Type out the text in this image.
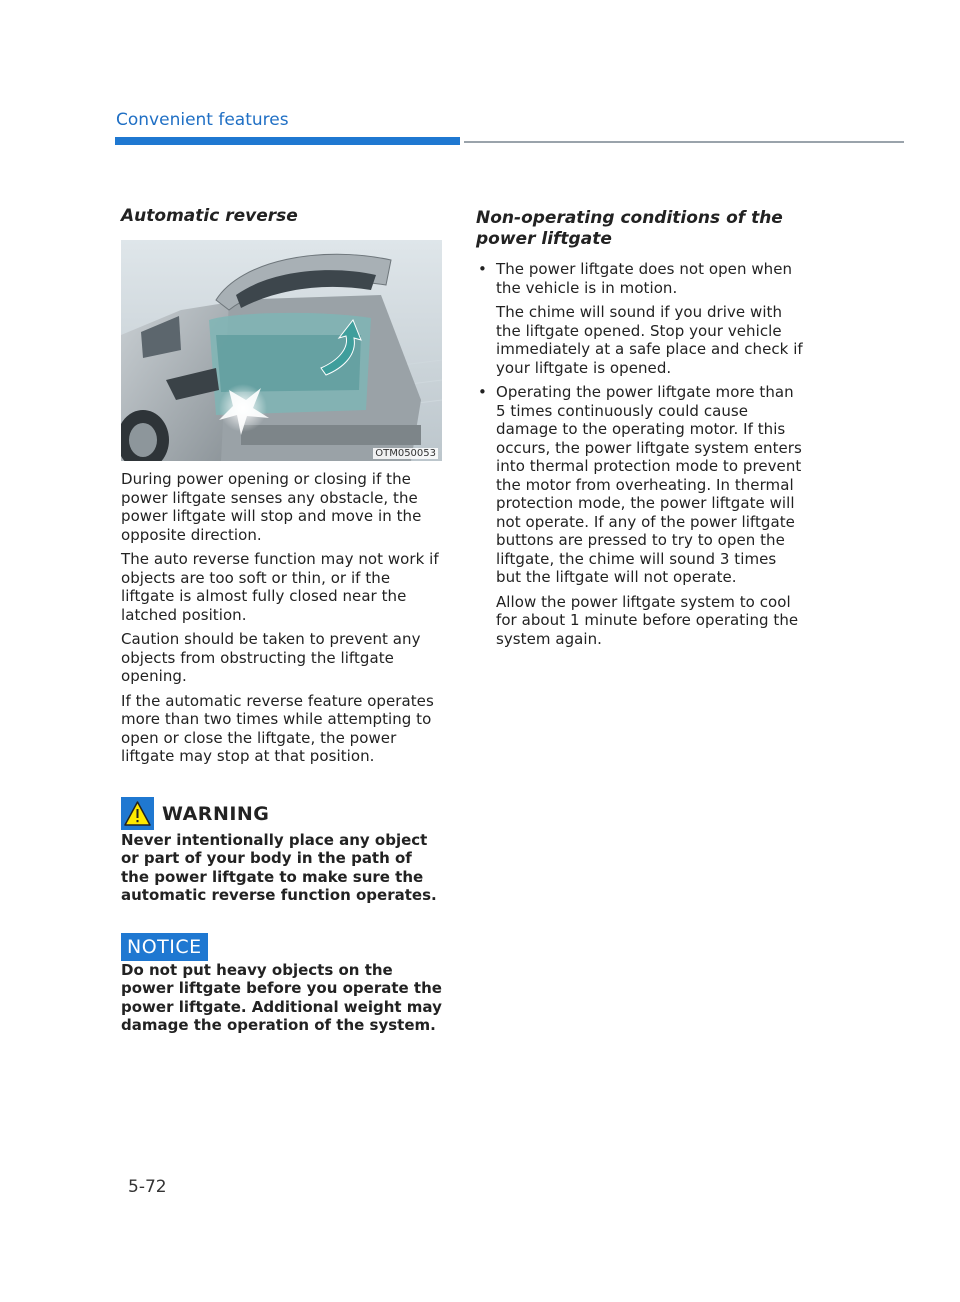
Convenient features
Automatic reverse
OTM050053

During power opening or closing if the power liftgate senses any obstacle, the power liftgate will stop and move in the opposite direction.

The auto reverse function may not work if objects are too soft or thin, or if the liftgate is almost fully closed near the latched position.

Caution should be taken to prevent any objects from obstructing the liftgate opening.

If the automatic reverse feature operates more than two times while attempting to open or close the liftgate, the power liftgate may stop at that position.

WARNING

Never intentionally place any object or part of your body in the path of the power liftgate to make sure the automatic reverse function operates.

NOTICE

Do not put heavy objects on the power liftgate before you operate the power liftgate. Additional weight may damage the operation of the system.

Non-operating conditions of the power liftgate
• The power liftgate does not open when the vehicle is in motion.

The chime will sound if you drive with the liftgate opened. Stop your vehicle immediately at a safe place and check if your liftgate is opened.

• Operating the power liftgate more than 5 times continuously could cause damage to the operating motor. If this occurs, the power liftgate system enters into thermal protection mode to prevent the motor from overheating. In thermal protection mode, the power liftgate will not operate. If any of the power liftgate buttons are pressed to try to open the liftgate, the chime will sound 3 times but the liftgate will not operate.

Allow the power liftgate system to cool for about 1 minute before operating the system again.

5-72
